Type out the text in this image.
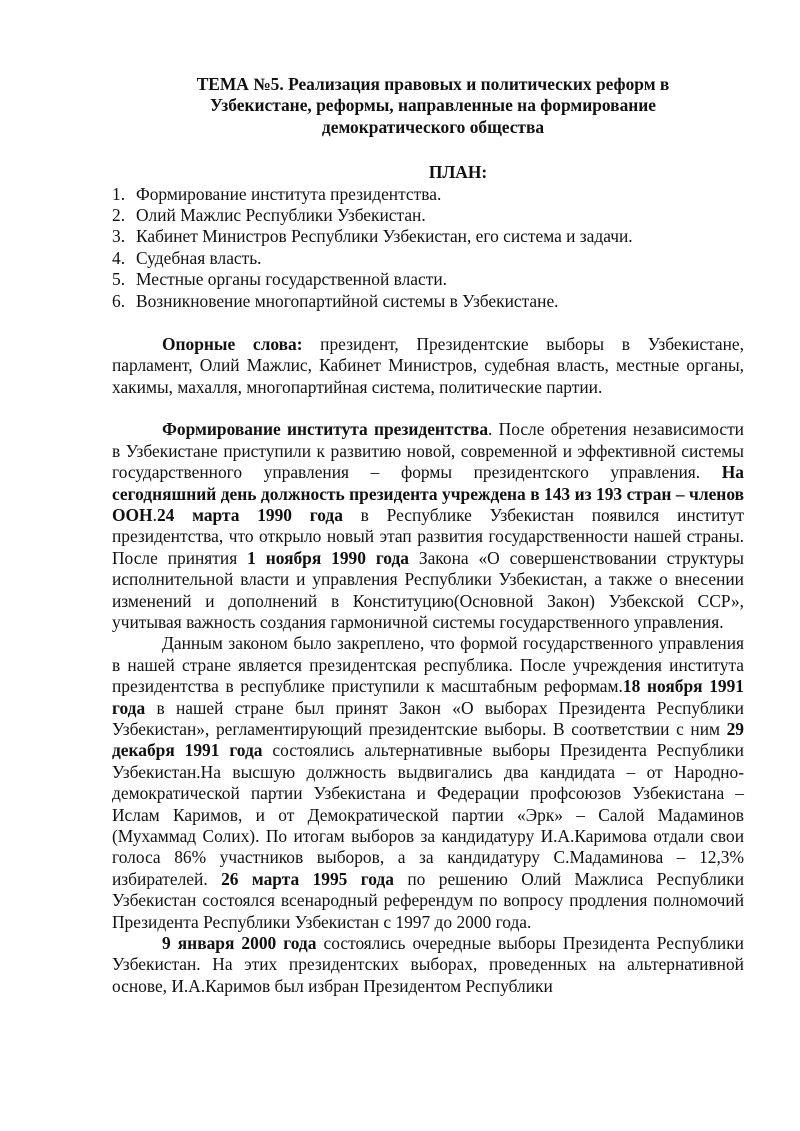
ТЕМА №5. Реализация правовых и политических реформ в Узбекистане, реформы, направленные на формирование демократического общества
ПЛАН:
1. Формирование института президентства.
2. Олий Мажлис Республики Узбекистан.
3. Кабинет Министров Республики Узбекистан, его система и задачи.
4. Судебная власть.
5. Местные органы государственной власти.
6. Возникновение многопартийной системы в Узбекистане.

Опорные слова: президент, Президентские выборы в Узбекистане, парламент, Олий Мажлис, Кабинет Министров, судебная власть, местные органы, хакимы, махалля, многопартийная система, политические партии.

Формирование института президентства. После обретения независимости в Узбекистане приступили к развитию новой, современной и эффективной системы государственного управления – формы президентского управления. На сегодняшний день должность президента учреждена в 143 из 193 стран – членов ООН.24 марта 1990 года в Республике Узбекистан появился институт президентства, что открыло новый этап развития государственности нашей страны. После принятия 1 ноября 1990 года Закона «О совершенствовании структуры исполнительной власти и управления Республики Узбекистан, а также о внесении изменений и дополнений в Конституцию(Основной Закон) Узбекской ССР», учитывая важность создания гармоничной системы государственного управления.

Данным законом было закреплено, что формой государственного управления в нашей стране является президентская республика. После учреждения института президентства в республике приступили к масштабным реформам.18 ноября 1991 года в нашей стране был принят Закон «О выборах Президента Республики Узбекистан», регламентирующий президентские выборы. В соответствии с ним 29 декабря 1991 года состоялись альтернативные выборы Президента Республики Узбекистан.На высшую должность выдвигались два кандидата – от Народно-демократической партии Узбекистана и Федерации профсоюзов Узбекистана – Ислам Каримов, и от Демократической партии «Эрк» – Салой Мадаминов (Мухаммад Солих). По итогам выборов за кандидатуру И.А.Каримова отдали свои голоса 86% участников выборов, а за кандидатуру С.Мадаминова – 12,3% избирателей. 26 марта 1995 года по решению Олий Мажлиса Республики Узбекистан состоялся всенародный референдум по вопросу продления полномочий Президента Республики Узбекистан с 1997 до 2000 года.

9 января 2000 года состоялись очередные выборы Президента Республики Узбекистан. На этих президентских выборах, проведенных на альтернативной основе, И.А.Каримов был избран Президентом Республики
